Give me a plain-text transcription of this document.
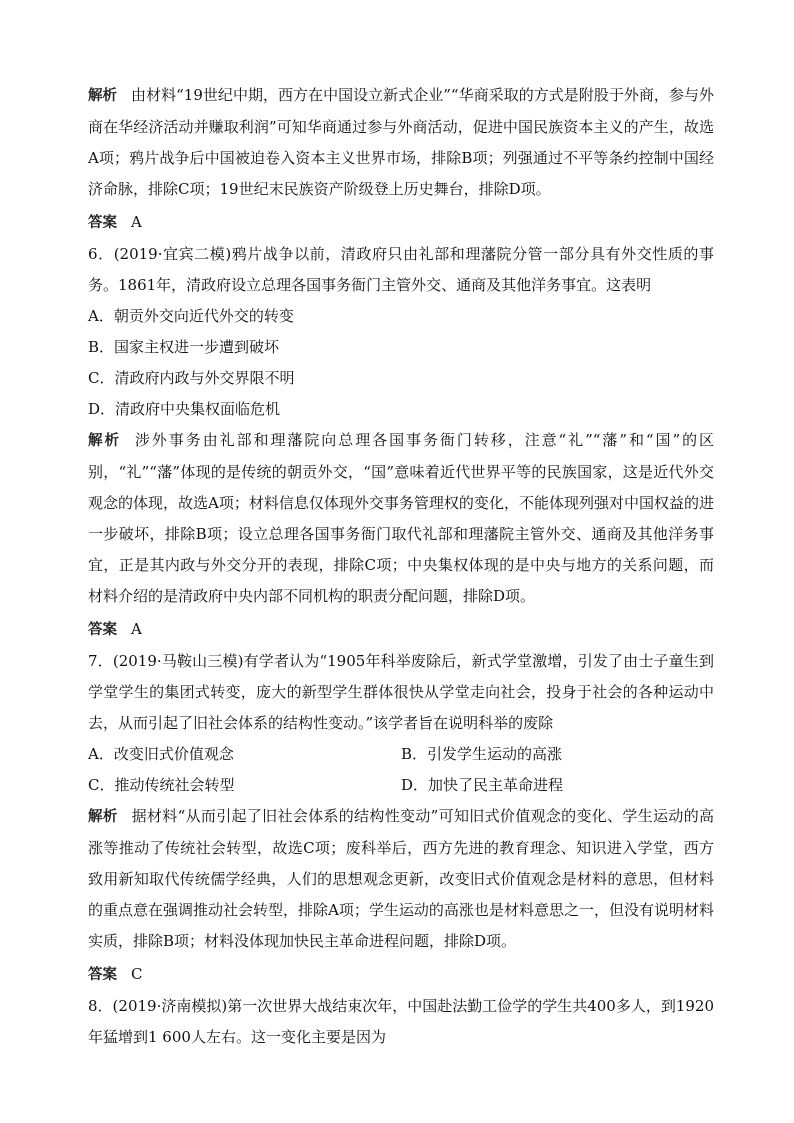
解析 由材料“19世纪中期，西方在中国设立新式企业”“华商采取的方式是附股于外商，参与外商在华经济活动并赚取利润”可知华商通过参与外商活动，促进中国民族资本主义的产生，故选A项；鸦片战争后中国被迫卷入资本主义世界市场，排除B项；列强通过不平等条约控制中国经济命脉，排除C项；19世纪末民族资产阶级登上历史舞台，排除D项。

答案 A

6．(2019·宜宾二模)鸦片战争以前，清政府只由礼部和理藩院分管一部分具有外交性质的事务。1861年，清政府设立总理各国事务衙门主管外交、通商及其他洋务事宜。这表明

A．朝贡外交向近代外交的转变

B．国家主权进一步遭到破坏

C．清政府内政与外交界限不明

D．清政府中央集权面临危机

解析 涉外事务由礼部和理藩院向总理各国事务衙门转移，注意“礼”“藩”和“国”的区别，“礼”“藩”体现的是传统的朝贡外交，“国”意味着近代世界平等的民族国家，这是近代外交观念的体现，故选A项；材料信息仅体现外交事务管理权的变化，不能体现列强对中国权益的进一步破坏，排除B项；设立总理各国事务衙门取代礼部和理藩院主管外交、通商及其他洋务事宜，正是其内政与外交分开的表现，排除C项；中央集权体现的是中央与地方的关系问题，而材料介绍的是清政府中央内部不同机构的职责分配问题，排除D项。

答案 A

7．(2019·马鞍山三模)有学者认为“1905年科举废除后，新式学堂激增，引发了由士子童生到学堂学生的集团式转变，庞大的新型学生群体很快从学堂走向社会，投身于社会的各种运动中去，从而引起了旧社会体系的结构性变动。”该学者旨在说明科举的废除

A．改变旧式价值观念	B．引发学生运动的高涨

C．推动传统社会转型	D．加快了民主革命进程

解析 据材料“从而引起了旧社会体系的结构性变动”可知旧式价值观念的变化、学生运动的高涨等推动了传统社会转型，故选C项；废科举后，西方先进的教育理念、知识进入学堂，西方致用新知取代传统儒学经典，人们的思想观念更新，改变旧式价值观念是材料的意思，但材料的重点意在强调推动社会转型，排除A项；学生运动的高涨也是材料意思之一，但没有说明材料实质，排除B项；材料没体现加快民主革命进程问题，排除D项。

答案 C

8．(2019·济南模拟)第一次世界大战结束次年，中国赴法勤工俭学的学生共400多人，到1920年猛增到1 600人左右。这一变化主要是因为
